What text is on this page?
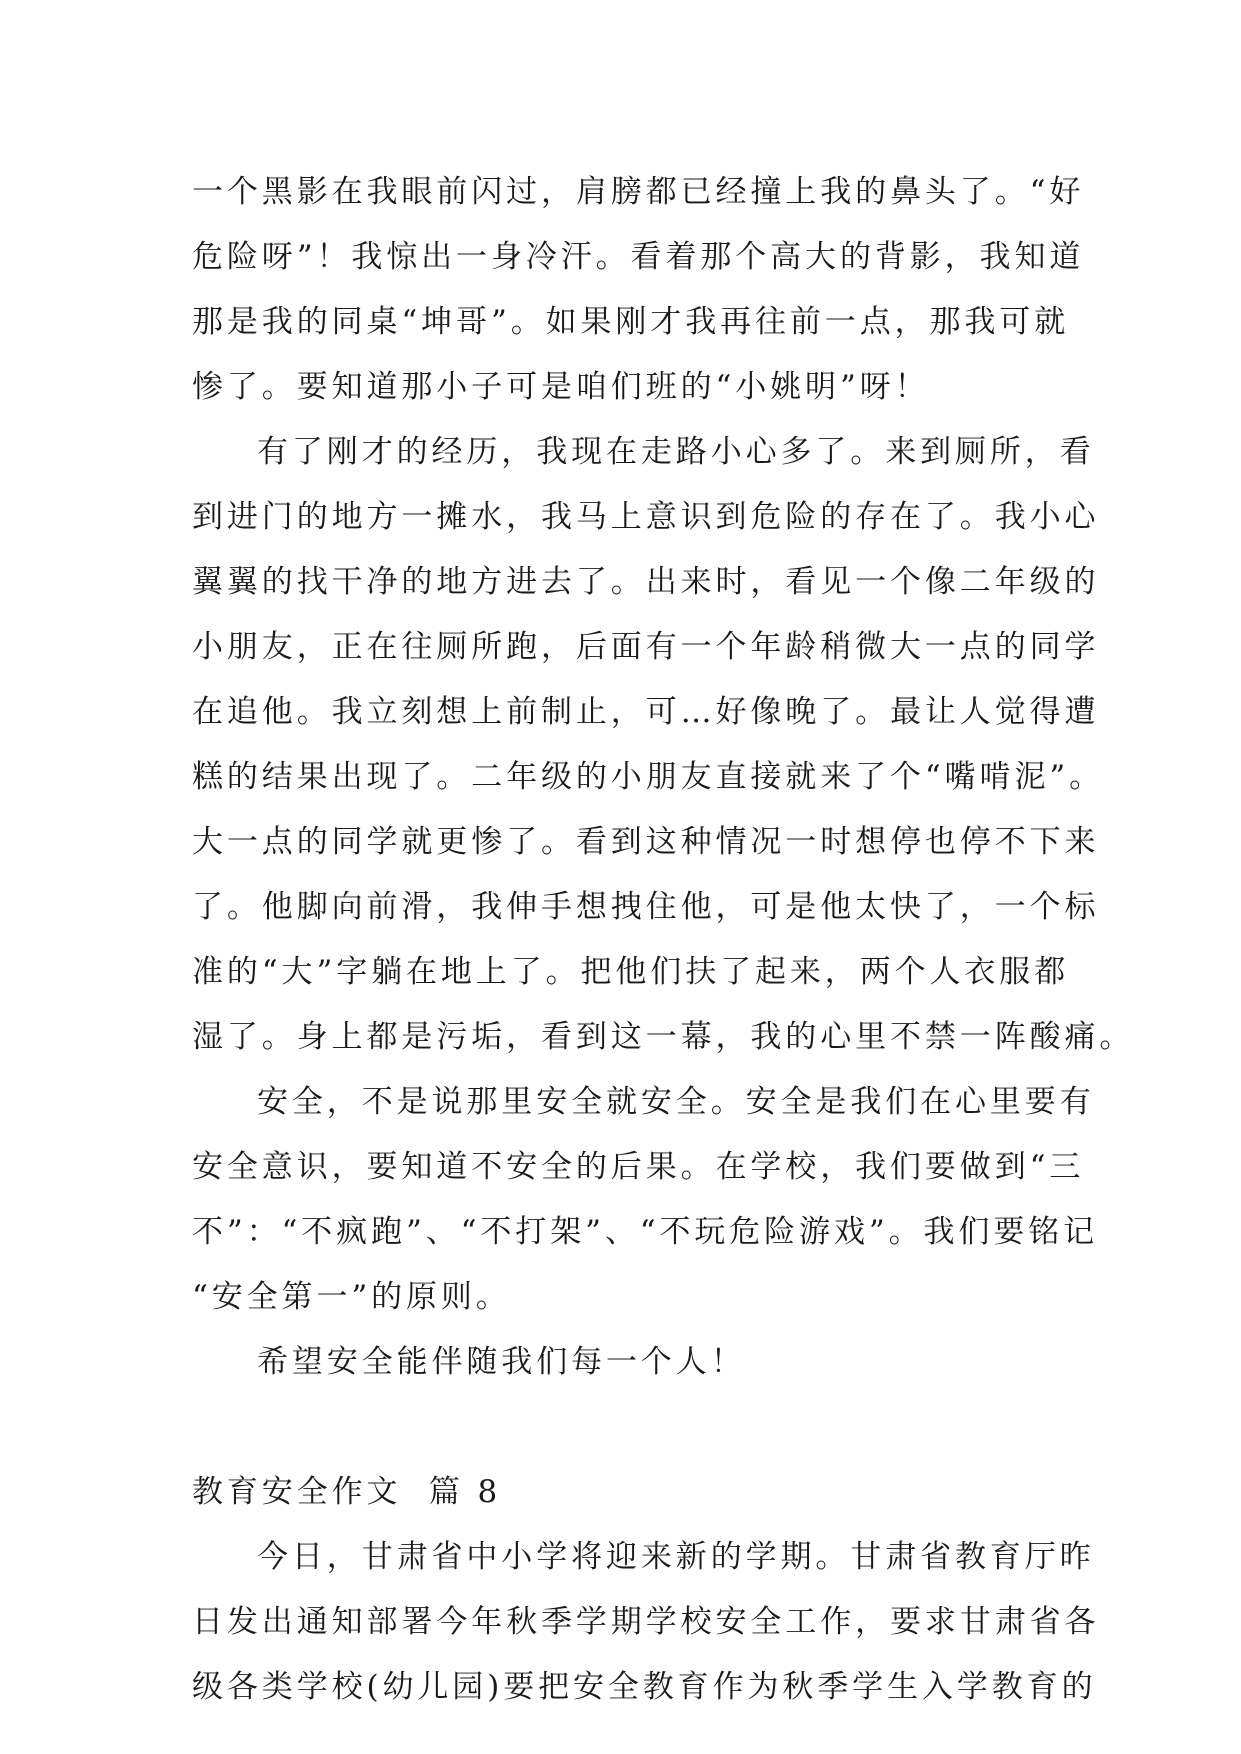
一个黑影在我眼前闪过，肩膀都已经撞上我的鼻头了。“好
危险呀”！我惊出一身冷汗。看着那个高大的背影，我知道
那是我的同桌“坤哥”。如果刚才我再往前一点，那我可就
惨了。要知道那小子可是咱们班的“小姚明”呀！
有了刚才的经历，我现在走路小心多了。来到厕所，看
到进门的地方一摊水，我马上意识到危险的存在了。我小心
翼翼的找干净的地方进去了。出来时，看见一个像二年级的
小朋友，正在往厕所跑，后面有一个年龄稍微大一点的同学
在追他。我立刻想上前制止，可…好像晚了。最让人觉得遭
糕的结果出现了。二年级的小朋友直接就来了个“嘴啃泥”。
大一点的同学就更惨了。看到这种情况一时想停也停不下来
了。他脚向前滑，我伸手想拽住他，可是他太快了，一个标
准的“大”字躺在地上了。把他们扶了起来，两个人衣服都
湿了。身上都是污垢，看到这一幕，我的心里不禁一阵酸痛。
安全，不是说那里安全就安全。安全是我们在心里要有
安全意识，要知道不安全的后果。在学校，我们要做到“三
不”：“不疯跑”、“不打架”、“不玩危险游戏”。我们要铭记
“安全第一”的原则。
希望安全能伴随我们每一个人！
教育安全作文  篇 8
今日，甘肃省中小学将迎来新的学期。甘肃省教育厅昨
日发出通知部署今年秋季学期学校安全工作，要求甘肃省各
级各类学校(幼儿园)要把安全教育作为秋季学生入学教育的
